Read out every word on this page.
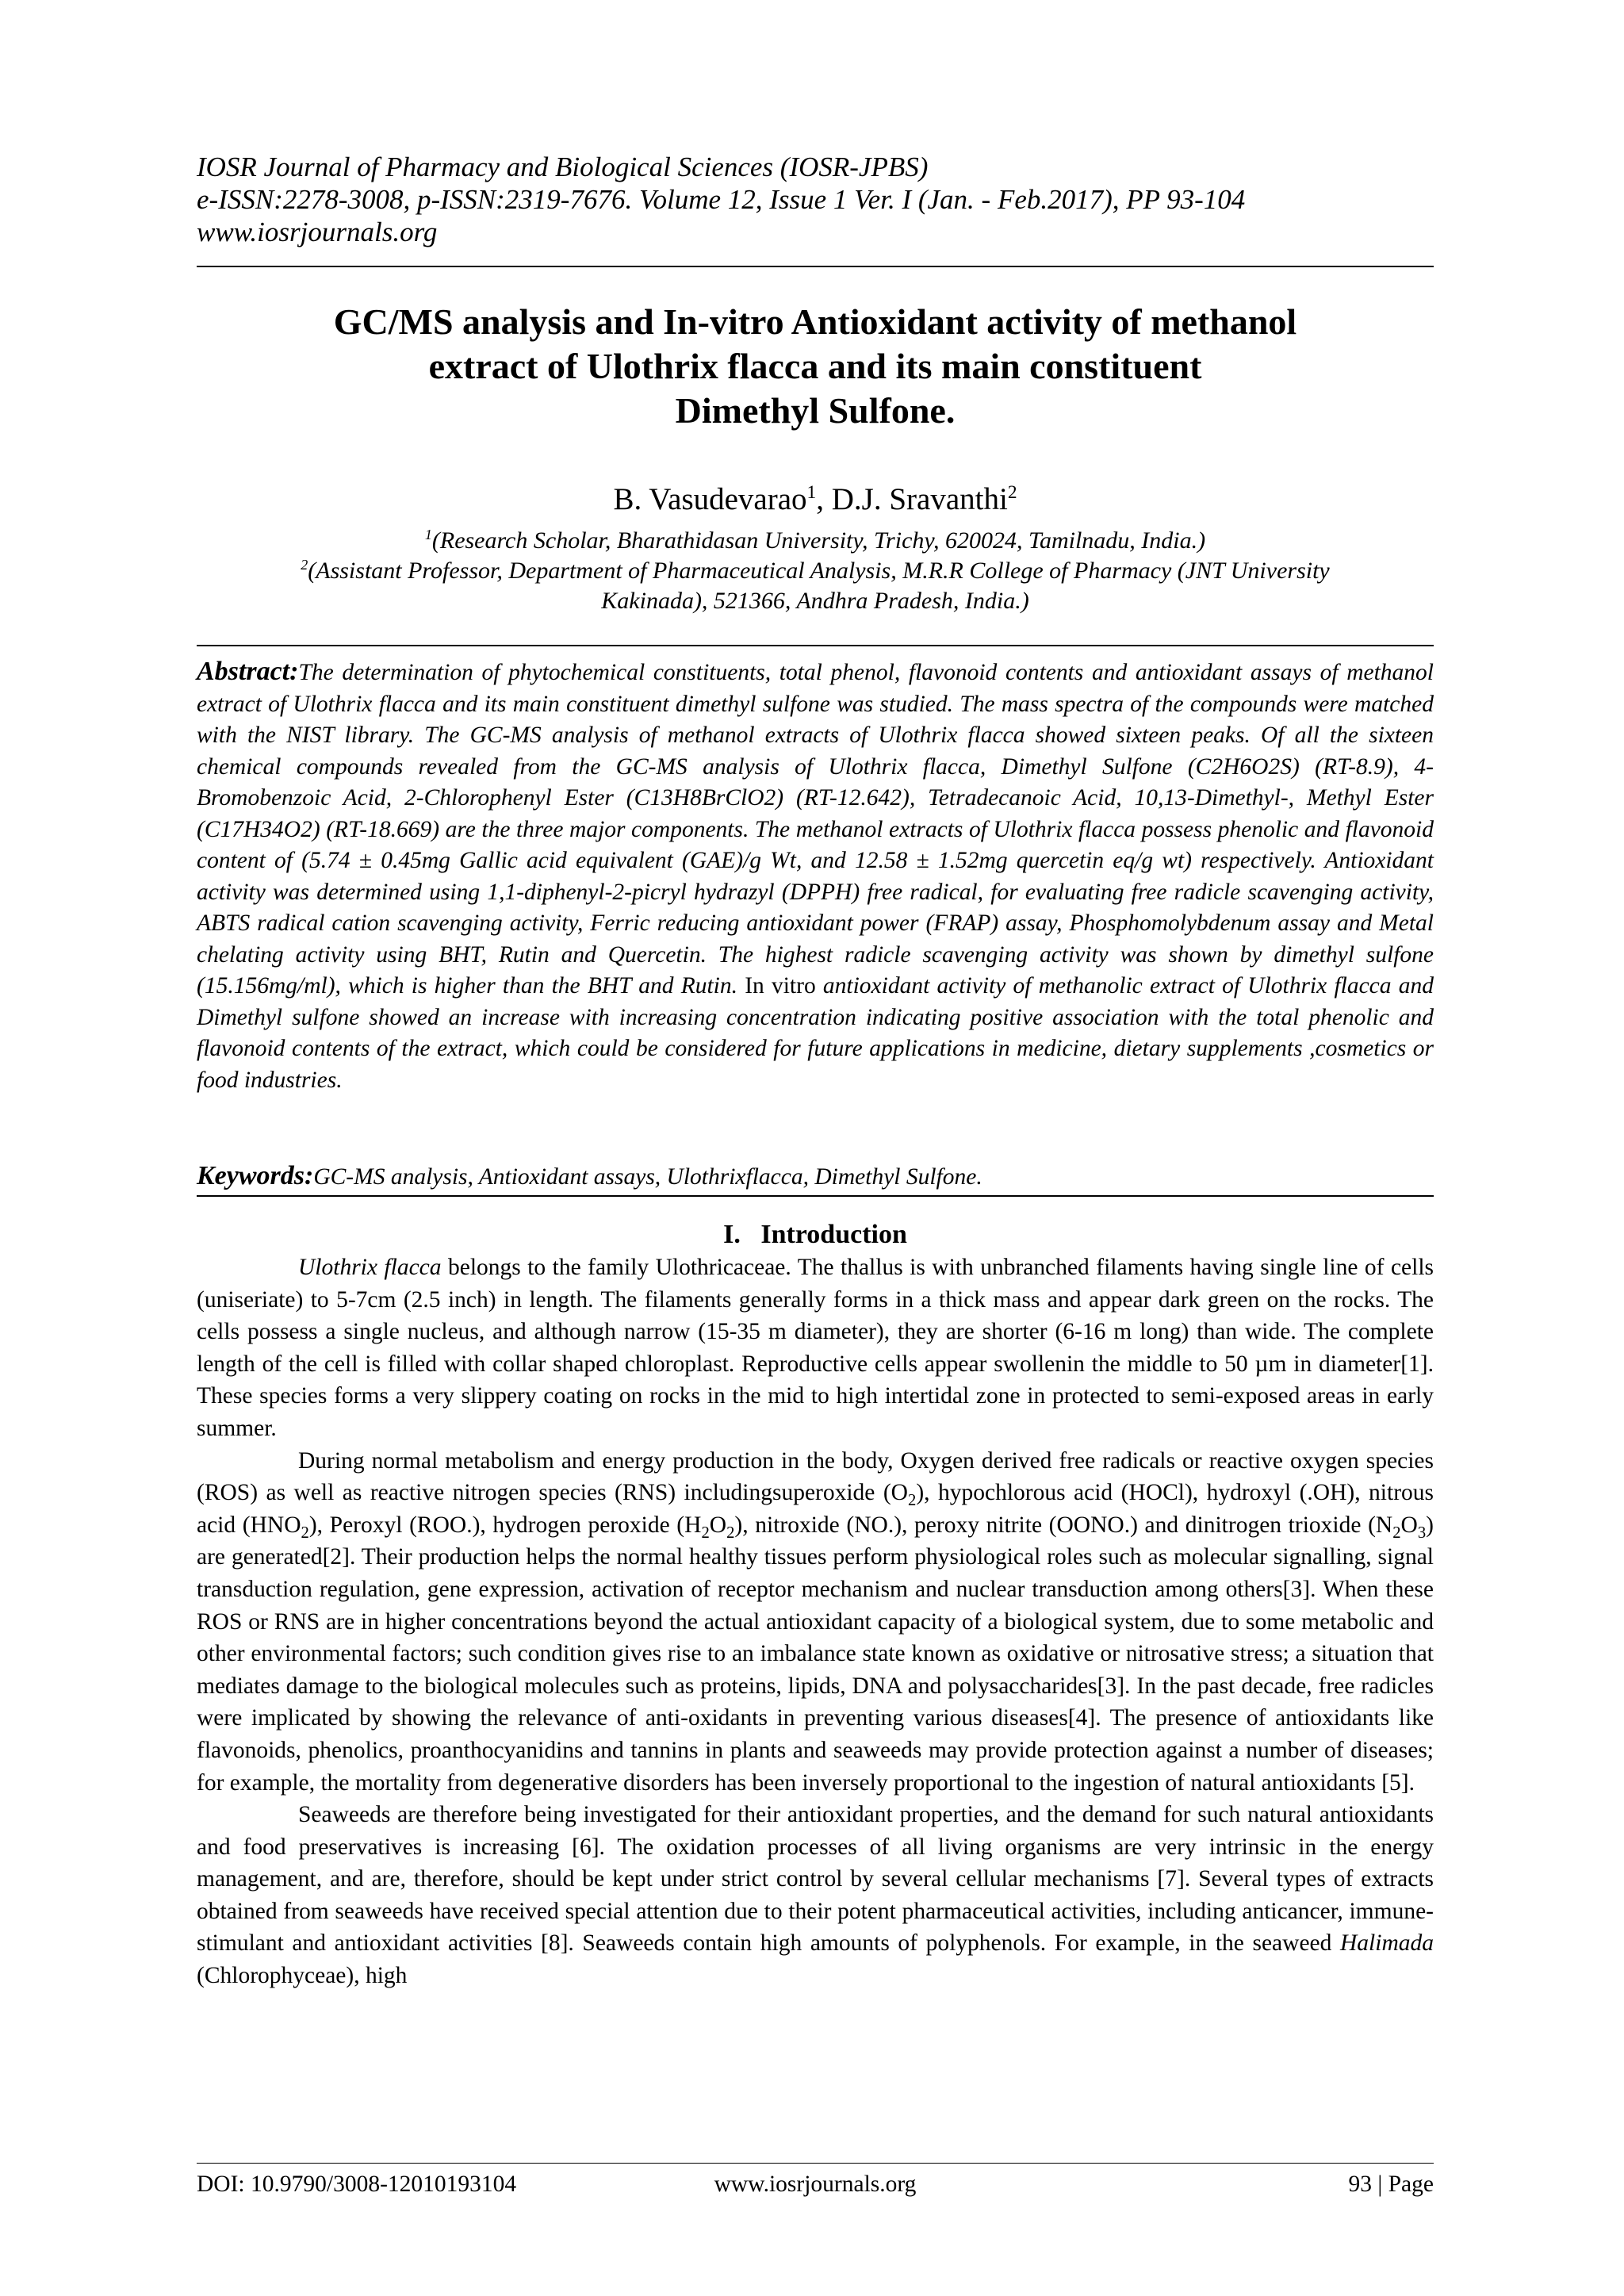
IOSR Journal of Pharmacy and Biological Sciences (IOSR-JPBS)
e-ISSN:2278-3008, p-ISSN:2319-7676. Volume 12, Issue 1 Ver. I (Jan. - Feb.2017), PP 93-104
www.iosrjournals.org
GC/MS analysis and In-vitro Antioxidant activity of methanol
extract of Ulothrix flacca and its main constituent
Dimethyl Sulfone.
B. Vasudevarao$^1$, D.J. Sravanthi$^2$
$^1$(Research Scholar, Bharathidasan University, Trichy, 620024, Tamilnadu, India.)
$^2$(Assistant Professor, Department of Pharmaceutical Analysis, M.R.R College of Pharmacy (JNT University
Kakinada), 521366, Andhra Pradesh, India.)
Abstract:The determination of phytochemical constituents, total phenol, flavonoid contents and antioxidant assays of methanol extract of Ulothrix flacca and its main constituent dimethyl sulfone was studied. The mass spectra of the compounds were matched with the NIST library. The GC-MS analysis of methanol extracts of Ulothrix flacca showed sixteen peaks. Of all the sixteen chemical compounds revealed from the GC-MS analysis of Ulothrix flacca, Dimethyl Sulfone (C2H6O2S) (RT-8.9), 4-Bromobenzoic Acid, 2-Chlorophenyl Ester (C13H8BrClO2) (RT-12.642), Tetradecanoic Acid, 10,13-Dimethyl-, Methyl Ester (C17H34O2) (RT-18.669) are the three major components. The methanol extracts of Ulothrix flacca possess phenolic and flavonoid content of (5.74 ± 0.45mg Gallic acid equivalent (GAE)/g Wt, and 12.58 ± 1.52mg quercetin eq/g wt) respectively. Antioxidant activity was determined using 1,1-diphenyl-2-picryl hydrazyl (DPPH) free radical, for evaluating free radicle scavenging activity, ABTS radical cation scavenging activity, Ferric reducing antioxidant power (FRAP) assay, Phosphomolybdenum assay and Metal chelating activity using BHT, Rutin and Quercetin. The highest radicle scavenging activity was shown by dimethyl sulfone (15.156mg/ml), which is higher than the BHT and Rutin. In vitro antioxidant activity of methanolic extract of Ulothrix flacca and Dimethyl sulfone showed an increase with increasing concentration indicating positive association with the total phenolic and flavonoid contents of the extract, which could be considered for future applications in medicine, dietary supplements ,cosmetics or food industries.
Keywords:GC-MS analysis, Antioxidant assays, Ulothrixflacca, Dimethyl Sulfone.
I. Introduction

Ulothrix flacca belongs to the family Ulothricaceae. The thallus is with unbranched filaments having single line of cells (uniseriate) to 5-7cm (2.5 inch) in length. The filaments generally forms in a thick mass and appear dark green on the rocks. The cells possess a single nucleus, and although narrow (15-35 m diameter), they are shorter (6-16 m long) than wide. The complete length of the cell is filled with collar shaped chloroplast. Reproductive cells appear swollenin the middle to 50 µm in diameter[1]. These species forms a very slippery coating on rocks in the mid to high intertidal zone in protected to semi-exposed areas in early summer.

During normal metabolism and energy production in the body, Oxygen derived free radicals or reactive oxygen species (ROS) as well as reactive nitrogen species (RNS) includingsuperoxide $(O_2)$, hypochlorous acid (HOCl), hydroxyl (.OH), nitrous acid $(HNO_2)$, Peroxyl (ROO.), hydrogen peroxide $(H_2O_2)$, nitroxide (NO.), peroxy nitrite (OONO.) and dinitrogen trioxide $(N_2O_3)$ are generated[2]. Their production helps the normal healthy tissues perform physiological roles such as molecular signalling, signal transduction regulation, gene expression, activation of receptor mechanism and nuclear transduction among others[3]. When these ROS or RNS are in higher concentrations beyond the actual antioxidant capacity of a biological system, due to some metabolic and other environmental factors; such condition gives rise to an imbalance state known as oxidative or nitrosative stress; a situation that mediates damage to the biological molecules such as proteins, lipids, DNA and polysaccharides[3]. In the past decade, free radicles were implicated by showing the relevance of anti-oxidants in preventing various diseases[4]. The presence of antioxidants like flavonoids, phenolics, proanthocyanidins and tannins in plants and seaweeds may provide protection against a number of diseases; for example, the mortality from degenerative disorders has been inversely proportional to the ingestion of natural antioxidants [5].

Seaweeds are therefore being investigated for their antioxidant properties, and the demand for such natural antioxidants and food preservatives is increasing [6]. The oxidation processes of all living organisms are very intrinsic in the energy management, and are, therefore, should be kept under strict control by several cellular mechanisms [7]. Several types of extracts obtained from seaweeds have received special attention due to their potent pharmaceutical activities, including anticancer, immune-stimulant and antioxidant activities [8]. Seaweeds contain high amounts of polyphenols. For example, in the seaweed Halimada (Chlorophyceae), high

www.iosrjournals.org
DOI: 10.9790/3008-12010193104	93 | Page
